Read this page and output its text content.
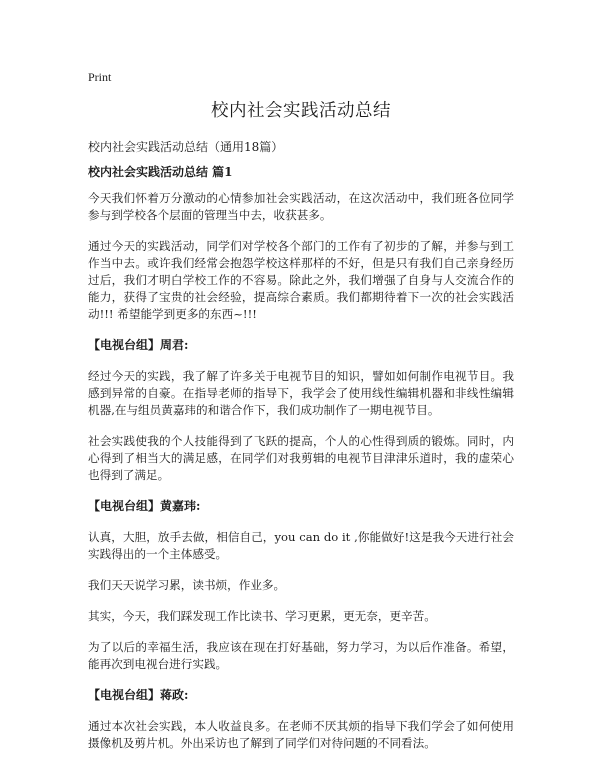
Print
校内社会实践活动总结
校内社会实践活动总结（通用18篇）
校内社会实践活动总结 篇1

今天我们怀着万分激动的心情参加社会实践活动，在这次活动中，我们班各位同学参与到学校各个层面的管理当中去，收获甚多。

通过今天的实践活动，同学们对学校各个部门的工作有了初步的了解，并参与到工作当中去。或许我们经常会抱怨学校这样那样的不好，但是只有我们自己亲身经历过后，我们才明白学校工作的不容易。除此之外，我们增强了自身与人交流合作的能力，获得了宝贵的社会经验，提高综合素质。我们都期待着下一次的社会实践活动!!! 希望能学到更多的东西~!!!

【电视台组】周君:

经过今天的实践，我了解了许多关于电视节目的知识，譬如如何制作电视节目。我感到异常的自豪。在指导老师的指导下，我学会了使用线性编辑机器和非线性编辑机器,在与组员黄嘉玮的和谐合作下，我们成功制作了一期电视节目。

社会实践使我的个人技能得到了飞跃的提高，个人的心性得到质的锻炼。同时，内心得到了相当大的满足感，在同学们对我剪辑的电视节目津津乐道时，我的虚荣心也得到了满足。

【电视台组】黄嘉玮:

认真，大胆，放手去做，相信自己，you can do it ,你能做好!这是我今天进行社会实践得出的一个主体感受。

我们天天说学习累，读书烦，作业多。

其实，今天，我们踩发现工作比读书、学习更累，更无奈，更辛苦。

为了以后的幸福生活，我应该在现在打好基础，努力学习，为以后作准备。希望，能再次到电视台进行实践。

【电视台组】蒋政:

通过本次社会实践，本人收益良多。在老师不厌其烦的指导下我们学会了如何使用摄像机及剪片机。外出采访也了解到了同学们对待问题的不同看法。
